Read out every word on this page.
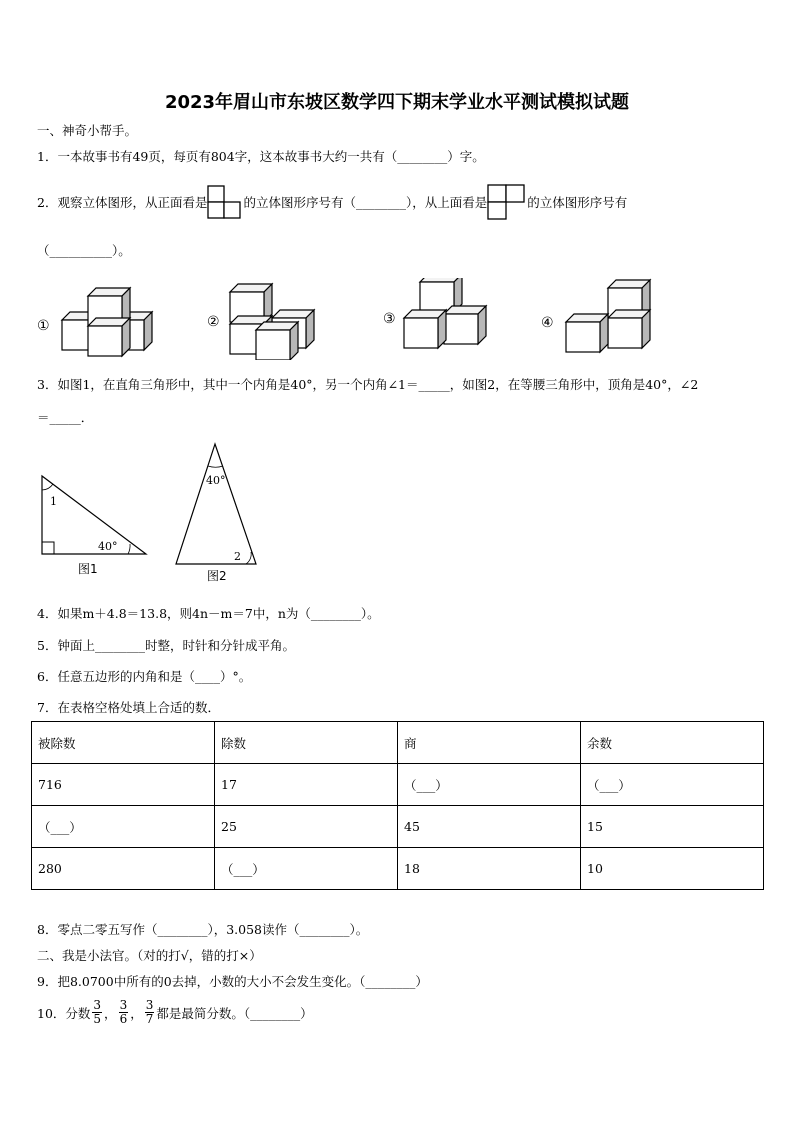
2023年眉山市东坡区数学四下期末学业水平测试模拟试题
一、神奇小帮手。
1．一本故事书有49页，每页有804字，这本故事书大约一共有（________）字。
2．观察立体图形，从正面看是	的立体图形序号有（________），从上面看是	的立体图形序号有
（__________）。
①	②	③	④
3．如图1，在直角三角形中，其中一个内角是40°，另一个内角∠1＝_____，如图2，在等腰三角形中，顶角是40°，∠2
＝_____．
1
40°
图1
40°
2
图2
4．如果m＋4.8＝13.8，则4n－m＝7中，n为（________）。
5．钟面上________时整，时针和分针成平角。
6．任意五边形的内角和是（____）°。
7．在表格空格处填上合适的数．
被除数	除数	商	余数
716	17	（___）	（___）
（___）	25	45	15
280	（___）	18	10
8．零点二零五写作（________），3.058读作（________）。
二、我是小法官。（对的打√，错的打×）
9．把8.0700中所有的0去掉，小数的大小不会发生变化。（________）
10．分数 $\frac{3}{5}$ ， $\frac{3}{6}$ ， $\frac{3}{7}$ 都是最简分数。（________）
